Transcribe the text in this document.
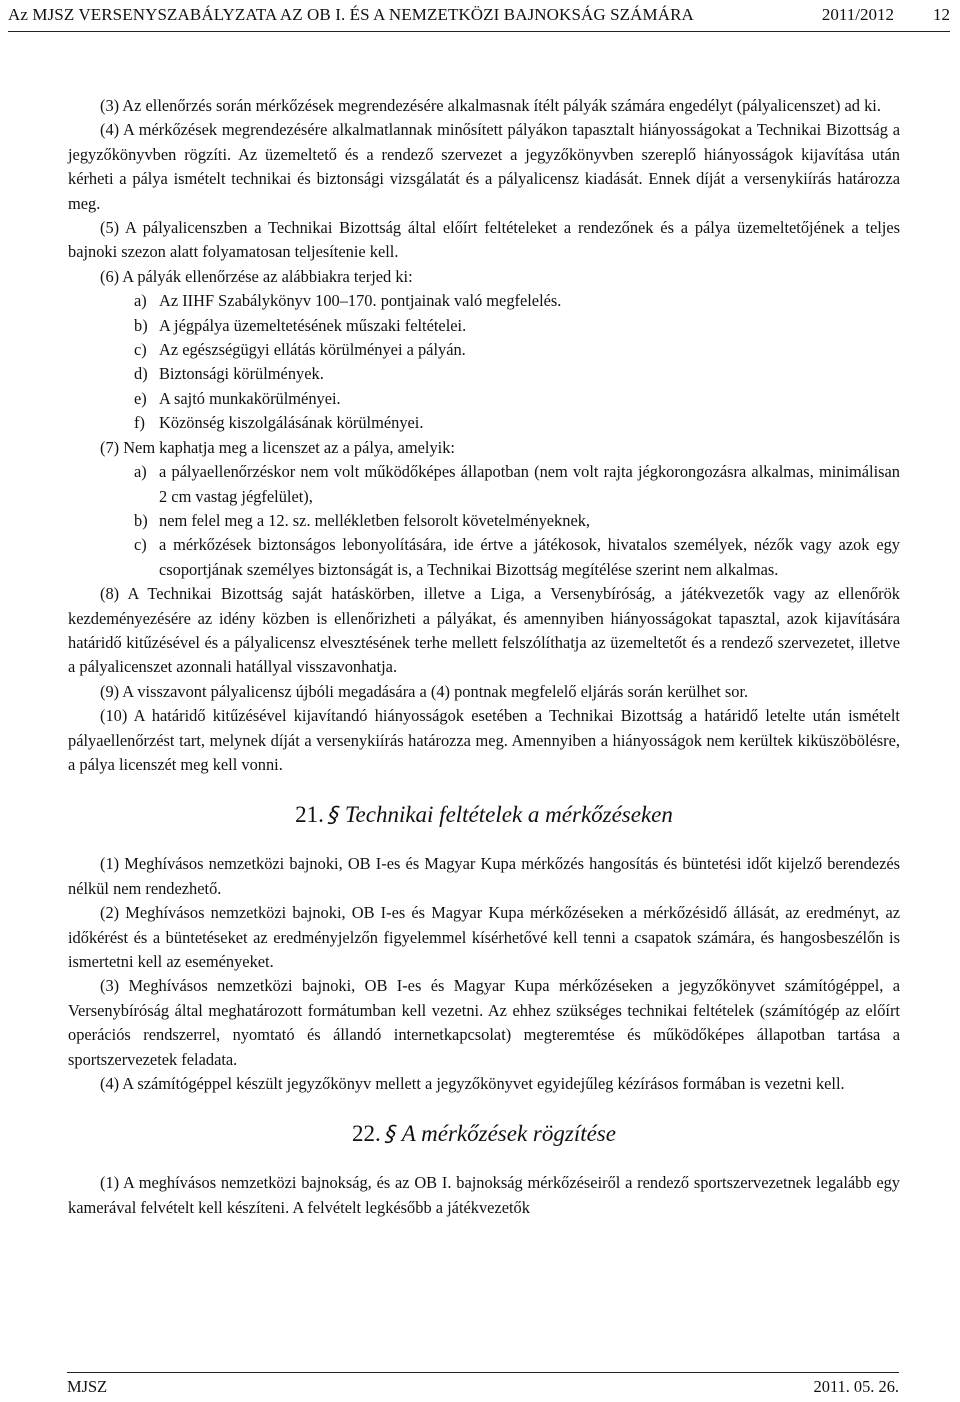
Az MJSZ VERSENYSZABÁLYZATA AZ OB I. ÉS A NEMZETKÖZI BAJNOKSÁG SZÁMÁRA	2011/2012 12

(3) Az ellenőrzés során mérkőzések megrendezésére alkalmasnak ítélt pályák számára engedélyt (pályalicenszet) ad ki.

(4) A mérkőzések megrendezésére alkalmatlannak minősített pályákon tapasztalt hiányosságokat a Technikai Bizottság a jegyzőkönyvben rögzíti. Az üzemeltető és a rendező szervezet a jegyzőkönyvben szereplő hiányosságok kijavítása után kérheti a pálya ismételt technikai és biztonsági vizsgálatát és a pályalicensz kiadását. Ennek díját a versenykiírás határozza meg.

(5) A pályalicenszben a Technikai Bizottság által előírt feltételeket a rendezőnek és a pálya üzemeltetőjének a teljes bajnoki szezon alatt folyamatosan teljesítenie kell.

(6) A pályák ellenőrzése az alábbiakra terjed ki:

a) Az IIHF Szabálykönyv 100–170. pontjainak való megfelelés.

b) A jégpálya üzemeltetésének műszaki feltételei.

c) Az egészségügyi ellátás körülményei a pályán.

d) Biztonsági körülmények.

e) A sajtó munkakörülményei.

f) Közönség kiszolgálásának körülményei.

(7) Nem kaphatja meg a licenszet az a pálya, amelyik:

a) a pályaellenőrzéskor nem volt működőképes állapotban (nem volt rajta jégkorongozásra alkalmas, minimálisan 2 cm vastag jégfelület),

b) nem felel meg a 12. sz. mellékletben felsorolt követelményeknek,

c) a mérkőzések biztonságos lebonyolítására, ide értve a játékosok, hivatalos személyek, nézők vagy azok egy csoportjának személyes biztonságát is, a Technikai Bizottság megítélése szerint nem alkalmas.

(8) A Technikai Bizottság saját hatáskörben, illetve a Liga, a Versenybíróság, a játékvezetők vagy az ellenőrök kezdeményezésére az idény közben is ellenőrizheti a pályákat, és amennyiben hiányosságokat tapasztal, azok kijavítására határidő kitűzésével és a pályalicensz elvesztésének terhe mellett felszólíthatja az üzemeltetőt és a rendező szervezetet, illetve a pályalicenszet azonnali hatállyal visszavonhatja.

(9) A visszavont pályalicensz újbóli megadására a (4) pontnak megfelelő eljárás során kerülhet sor.

(10) A határidő kitűzésével kijavítandó hiányosságok esetében a Technikai Bizottság a határidő letelte után ismételt pályaellenőrzést tart, melynek díját a versenykiírás határozza meg. Amennyiben a hiányosságok nem kerültek kiküszöbölésre, a pálya licenszét meg kell vonni.

21.§Technikai feltételek a mérkőzéseken

(1) Meghívásos nemzetközi bajnoki, OB I-es és Magyar Kupa mérkőzés hangosítás és büntetési időt kijelző berendezés nélkül nem rendezhető.

(2) Meghívásos nemzetközi bajnoki, OB I-es és Magyar Kupa mérkőzéseken a mérkőzésidő állását, az eredményt, az időkérést és a büntetéseket az eredményjelzőn figyelemmel kísérhetővé kell tenni a csapatok számára, és hangosbeszélőn is ismertetni kell az eseményeket.

(3) Meghívásos nemzetközi bajnoki, OB I-es és Magyar Kupa mérkőzéseken a jegyzőkönyvet számítógéppel, a Versenybíróság által meghatározott formátumban kell vezetni. Az ehhez szükséges technikai feltételek (számítógép az előírt operációs rendszerrel, nyomtató és állandó internetkapcsolat) megteremtése és működőképes állapotban tartása a sportszervezetek feladata.

(4) A számítógéppel készült jegyzőkönyv mellett a jegyzőkönyvet egyidejűleg kézírásos formában is vezetni kell.

22.§A mérkőzések rögzítése

(1) A meghívásos nemzetközi bajnokság, és az OB I. bajnokság mérkőzéseiről a rendező sportszervezetnek legalább egy kamerával felvételt kell készíteni. A felvételt legkésőbb a játékvezetők

MJSZ	2011. 05. 26.
